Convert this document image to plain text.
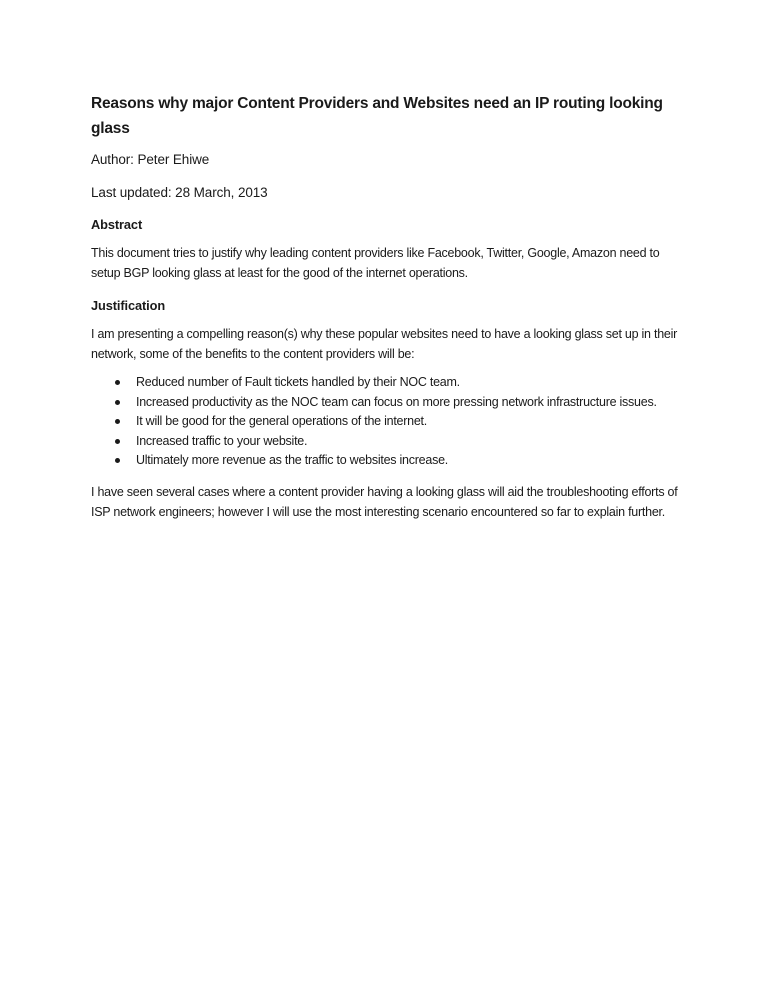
Reasons why major Content Providers and Websites need an IP routing looking glass

Author: Peter Ehiwe

Last updated: 28 March, 2013

Abstract

This document tries to justify why leading content providers like Facebook, Twitter, Google, Amazon need to setup BGP looking glass at least for the good of the internet operations.

Justification

I am presenting a compelling reason(s) why these popular websites need to have a looking glass set up in their network, some of the benefits to the content providers will be:

Reduced number of Fault tickets handled by their NOC team.
Increased productivity as the NOC team can focus on more pressing network infrastructure issues.
It will be good for the general operations of the internet.
Increased traffic to your website.
Ultimately more revenue as the traffic to websites increase.

I have seen several cases where a content provider having a looking glass will aid the troubleshooting efforts of ISP network engineers; however I will use the most interesting scenario encountered so far to explain further.
